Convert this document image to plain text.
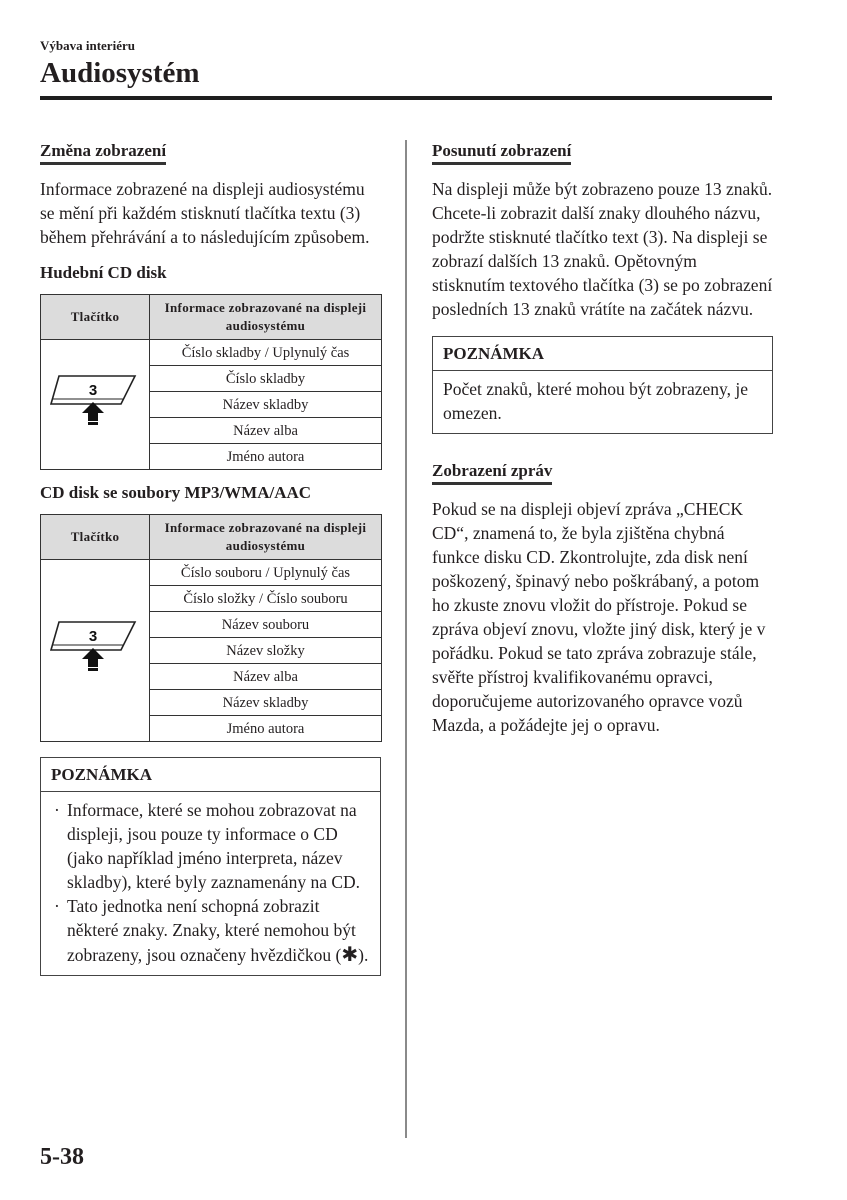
Výbava interiéru
Audiosystém
Změna zobrazení

Informace zobrazené na displeji audiosystému se mění při každém stisknutí tlačítka textu (3) během přehrávání a to následujícím způsobem.

Hudební CD disk

Tlačítko	Informace zobrazované na displeji audiosystému

3	Číslo skladby / Uplynulý čas
	Číslo skladby
	Název skladby
	Název alba
	Jméno autora

CD disk se soubory MP3/WMA/AAC

Tlačítko	Informace zobrazované na displeji audiosystému

3	Číslo souboru / Uplynulý čas
	Číslo složky / Číslo souboru
	Název souboru
	Název složky
	Název alba
	Název skladby
	Jméno autora
POZNÁMKA
· Informace, které se mohou zobrazovat na displeji, jsou pouze ty informace o CD (jako například jméno interpreta, název skladby), které byly zaznamenány na CD.
· Tato jednotka není schopná zobrazit některé znaky. Znaky, které nemohou být zobrazeny, jsou označeny hvězdičkou (✱).
Posunutí zobrazení

Na displeji může být zobrazeno pouze 13 znaků. Chcete-li zobrazit další znaky dlouhého názvu, podržte stisknuté tlačítko text (3). Na displeji se zobrazí dalších 13 znaků. Opětovným stisknutím textového tlačítka (3) se po zobrazení posledních 13 znaků vrátíte na začátek názvu.

POZNÁMKA
Počet znaků, které mohou být zobrazeny, je omezen.
Zobrazení zpráv

Pokud se na displeji objeví zpráva „CHECK CD“, znamená to, že byla zjištěna chybná funkce disku CD. Zkontrolujte, zda disk není poškozený, špinavý nebo poškrábaný, a potom ho zkuste znovu vložit do přístroje. Pokud se zpráva objeví znovu, vložte jiný disk, který je v pořádku. Pokud se tato zpráva zobrazuje stále, svěřte přístroj kvalifikovanému opravci, doporučujeme autorizovaného opravce vozů Mazda, a požádejte jej o opravu.

5-38
